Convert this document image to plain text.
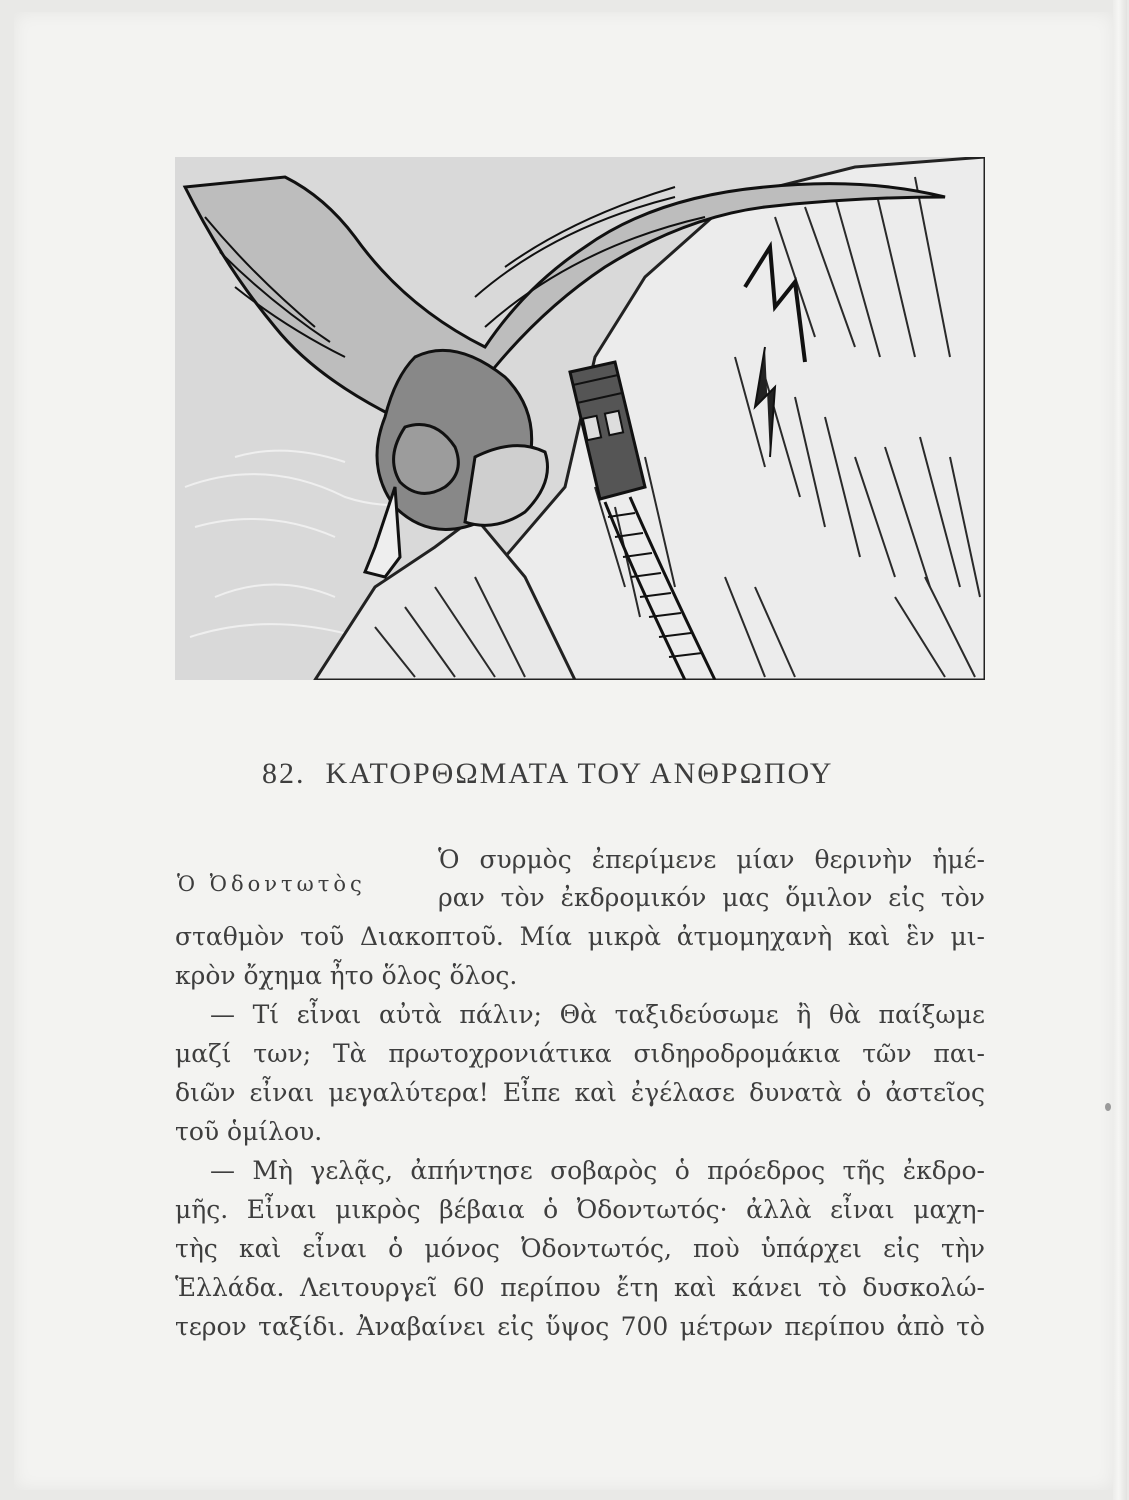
82. ΚΑΤΟΡΘΩΜΑΤΑ ΤΟΥ ΑΝΘΡΩΠΟΥ
Ὁ Ὀδοντωτὸς
Ὁ συρμὸς ἐπερίμενε μίαν θερινὴν ἡμέ-
ραν τὸν ἐκδρομικόν μας ὅμιλον εἰς τὸν
σταθμὸν τοῦ Διακοπτοῦ. Μία μικρὰ ἀτμομηχανὴ καὶ ἓν μι-
κρὸν ὄχημα ἦτο ὅλος ὅλος.
— Τί εἶναι αὐτὰ πάλιν; Θὰ ταξιδεύσωμε ἢ θὰ παίξωμε
μαζί των; Τὰ πρωτοχρονιάτικα σιδηροδρομάκια τῶν παι-
διῶν εἶναι μεγαλύτερα! Εἶπε καὶ ἐγέλασε δυνατὰ ὁ ἀστεῖος
τοῦ ὁμίλου.
— Μὴ γελᾷς, ἀπήντησε σοβαρὸς ὁ πρόεδρος τῆς ἐκδρο-
μῆς. Εἶναι μικρὸς βέβαια ὁ Ὀδοντωτός· ἀλλὰ εἶναι μαχη-
τὴς καὶ εἶναι ὁ μόνος Ὀδοντωτός, ποὺ ὑπάρχει εἰς τὴν
Ἑλλάδα. Λειτουργεῖ 60 περίπου ἔτη καὶ κάνει τὸ δυσκολώ-
τερον ταξίδι. Ἀναβαίνει εἰς ὕψος 700 μέτρων περίπου ἀπὸ τὸ
